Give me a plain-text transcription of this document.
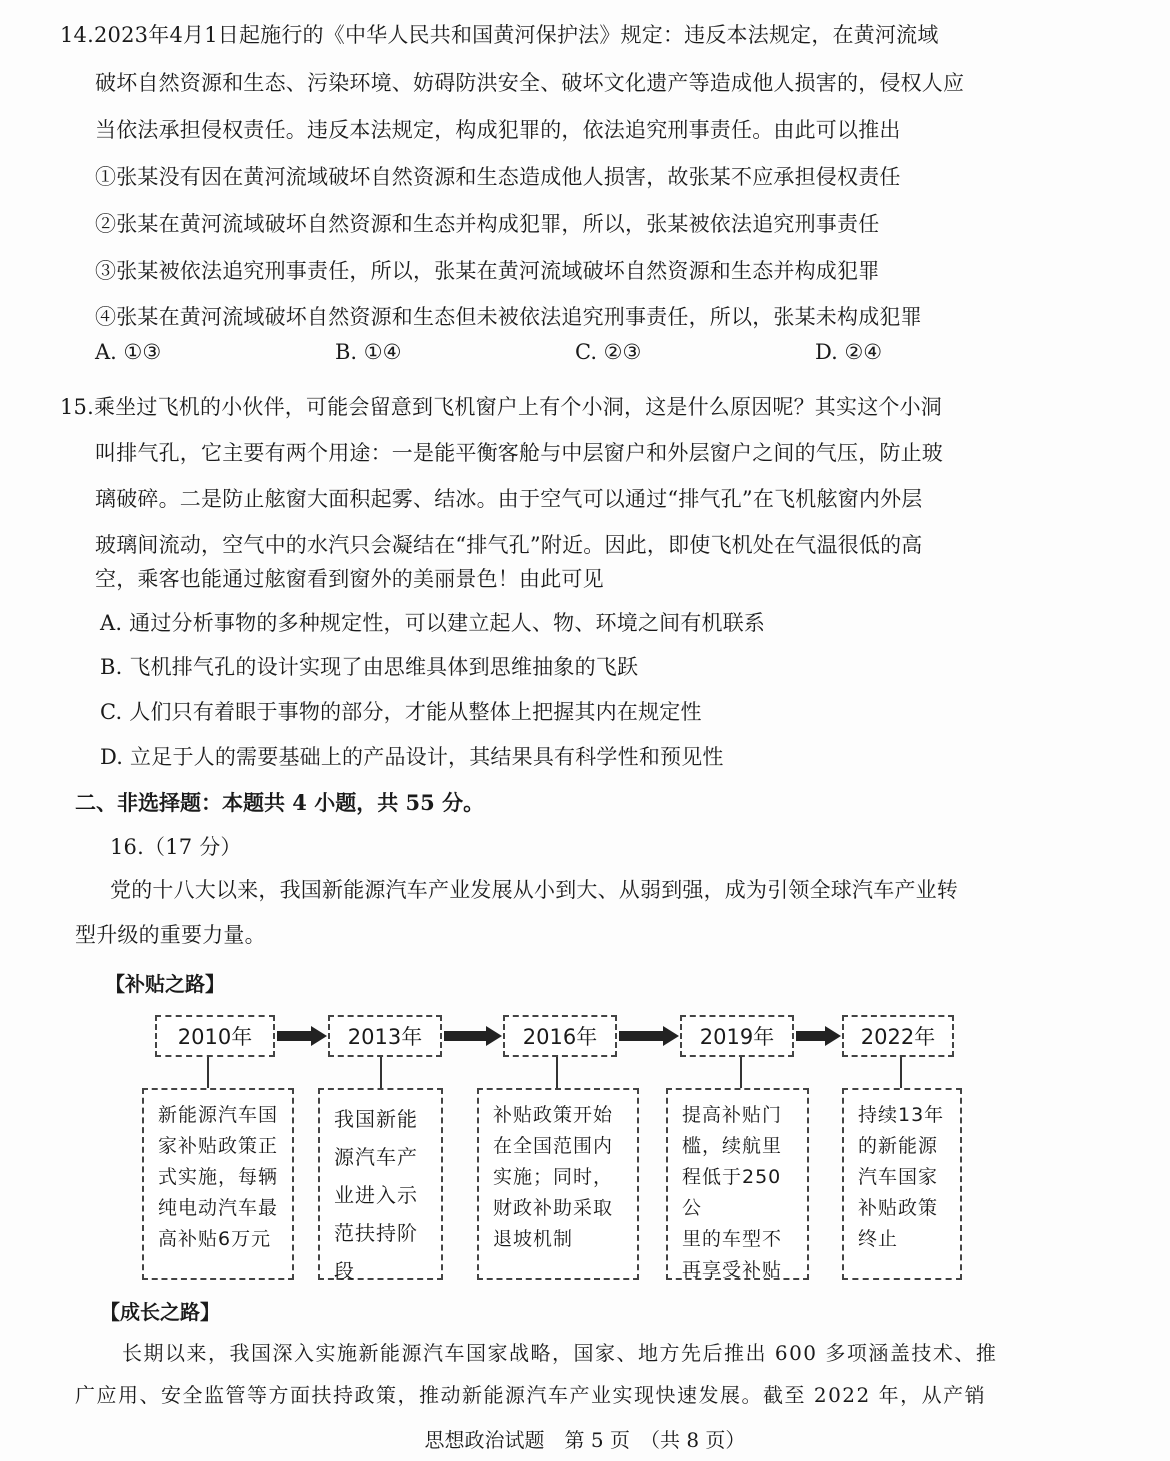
14.2023年4月1日起施行的《中华人民共和国黄河保护法》规定：违反本法规定，在黄河流域
破坏自然资源和生态、污染环境、妨碍防洪安全、破坏文化遗产等造成他人损害的，侵权人应
当依法承担侵权责任。违反本法规定，构成犯罪的，依法追究刑事责任。由此可以推出
①张某没有因在黄河流域破坏自然资源和生态造成他人损害，故张某不应承担侵权责任
②张某在黄河流域破坏自然资源和生态并构成犯罪，所以，张某被依法追究刑事责任
③张某被依法追究刑事责任，所以，张某在黄河流域破坏自然资源和生态并构成犯罪
④张某在黄河流域破坏自然资源和生态但未被依法追究刑事责任，所以，张某未构成犯罪
A. ①③	B. ①④	C. ②③	D. ②④
15.乘坐过飞机的小伙伴，可能会留意到飞机窗户上有个小洞，这是什么原因呢？其实这个小洞
叫排气孔，它主要有两个用途：一是能平衡客舱与中层窗户和外层窗户之间的气压，防止玻
璃破碎。二是防止舷窗大面积起雾、结冰。由于空气可以通过“排气孔”在飞机舷窗内外层
玻璃间流动，空气中的水汽只会凝结在“排气孔”附近。因此，即使飞机处在气温很低的高
空，乘客也能通过舷窗看到窗外的美丽景色！由此可见
A. 通过分析事物的多种规定性，可以建立起人、物、环境之间有机联系
B. 飞机排气孔的设计实现了由思维具体到思维抽象的飞跃
C. 人们只有着眼于事物的部分，才能从整体上把握其内在规定性
D. 立足于人的需要基础上的产品设计，其结果具有科学性和预见性
二、非选择题：本题共 4 小题，共 55 分。
16.（17 分）
党的十八大以来，我国新能源汽车产业发展从小到大、从弱到强，成为引领全球汽车产业转
型升级的重要力量。
【补贴之路】
2010年	2013年	2016年	2019年	2022年
新能源汽车国
家补贴政策正
式实施，每辆
纯电动汽车最
高补贴6万元
我国新能
源汽车产
业进入示
范扶持阶
段
补贴政策开始
在全国范围内
实施；同时，
财政补助采取
退坡机制
提高补贴门
槛，续航里
程低于250公
里的车型不
再享受补贴
持续13年
的新能源
汽车国家
补贴政策
终止
【成长之路】
长期以来，我国深入实施新能源汽车国家战略，国家、地方先后推出 600 多项涵盖技术、推
广应用、安全监管等方面扶持政策，推动新能源汽车产业实现快速发展。截至 2022 年，从产销
思想政治试题　第 5 页　（共 8 页）
